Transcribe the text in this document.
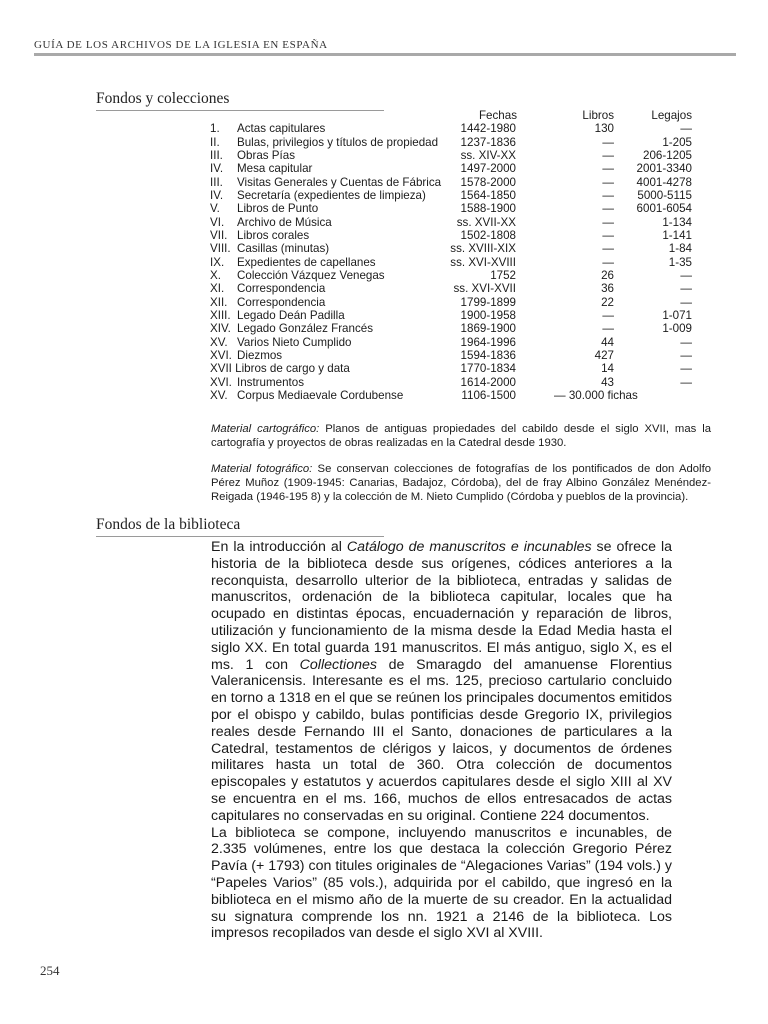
GUÍA DE LOS ARCHIVOS DE LA IGLESIA EN ESPAÑA
Fondos y colecciones
Fechas	Libros	Legajos
1. Actas capitulares	1442-1980	130	—
II. Bulas, privilegios y títulos de propiedad 1237-1836	—	1-205
III. Obras Pías	ss. XIV-XX	—	206-1205
IV. Mesa capitular	1497-2000	— 2001-3340
III. Visitas Generales y Cuentas de Fábrica 1578-2000	— 4001-4278
IV. Secretaría (expedientes de limpieza)	1564-1850	— 5000-5115
V. Libros de Punto	1588-1900	— 6001-6054
VI. Archivo de Música	ss. XVII-XX	—	1-134
VII. Libros corales	1502-1808	—	1-141
VIII. Casillas (minutas)	ss. XVIII-XIX	—	1-84
IX. Expedientes de capellanes	ss. XVI-XVIII	—	1-35
X. Colección Vázquez Venegas	1752	26	—
XI. Correspondencia	ss. XVI-XVII	36	—
XII. Correspondencia	1799-1899	22	—
XIII. Legado Deán Padilla	1900-1958	—	1-071
XIV. Legado González Francés	1869-1900	—	1-009
XV. Varios Nieto Cumplido	1964-1996	44	—
XVI. Diezmos	1594-1836	427	—
XVII Libros de cargo y data	1770-1834	14	—
XVI. Instrumentos	1614-2000	43	—
XV. Corpus Mediaevale Cordubense	1106-1500	— 30.000 fichas
Material cartográfico: Planos de antiguas propiedades del cabildo desde el siglo XVII, mas la cartografía y proyectos de obras realizadas en la Catedral desde 1930.
Material fotográfico: Se conservan colecciones de fotografías de los pontificados de don Adolfo Pérez Muñoz (1909-1945: Canarias, Badajoz, Córdoba), del de fray Albino González Menéndez-Reigada (1946-195 8) y la colección de M. Nieto Cumplido (Córdoba y pueblos de la provincia).
Fondos de la biblioteca

En la introducción al Catálogo de manuscritos e incunables se ofrece la historia de la biblioteca desde sus orígenes, códices anteriores a la reconquista, desarrollo ulterior de la biblioteca, entradas y salidas de manuscritos, ordenación de la biblioteca capitular, locales que ha ocupado en distintas épocas, encuadernación y reparación de libros, utilización y funcionamiento de la misma desde la Edad Media hasta el siglo XX. En total guarda 191 manuscritos. El más antiguo, siglo X, es el ms. 1 con Collectiones de Smaragdo del amanuense Florentius Valeranicensis. Interesante es el ms. 125, precioso cartulario concluido en torno a 1318 en el que se reúnen los principales documentos emitidos por el obispo y cabildo, bulas pontificias desde Gregorio IX, privilegios reales desde Fernando III el Santo, donaciones de particulares a la Catedral, testamentos de clérigos y laicos, y documentos de órdenes militares hasta un total de 360. Otra colección de documentos episcopales y estatutos y acuerdos capitulares desde el siglo XIII al XV se encuentra en el ms. 166, muchos de ellos entresacados de actas capitulares no conservadas en su original. Contiene 224 documentos.

La biblioteca se compone, incluyendo manuscritos e incunables, de 2.335 volúmenes, entre los que destaca la colección Gregorio Pérez Pavía (+ 1793) con titules originales de “Alegaciones Varias” (194 vols.) y “Papeles Varios” (85 vols.), adquirida por el cabildo, que ingresó en la biblioteca en el mismo año de la muerte de su creador. En la actualidad su signatura comprende los nn. 1921 a 2146 de la biblioteca. Los impresos recopilados van desde el siglo XVI al XVIII.

254
